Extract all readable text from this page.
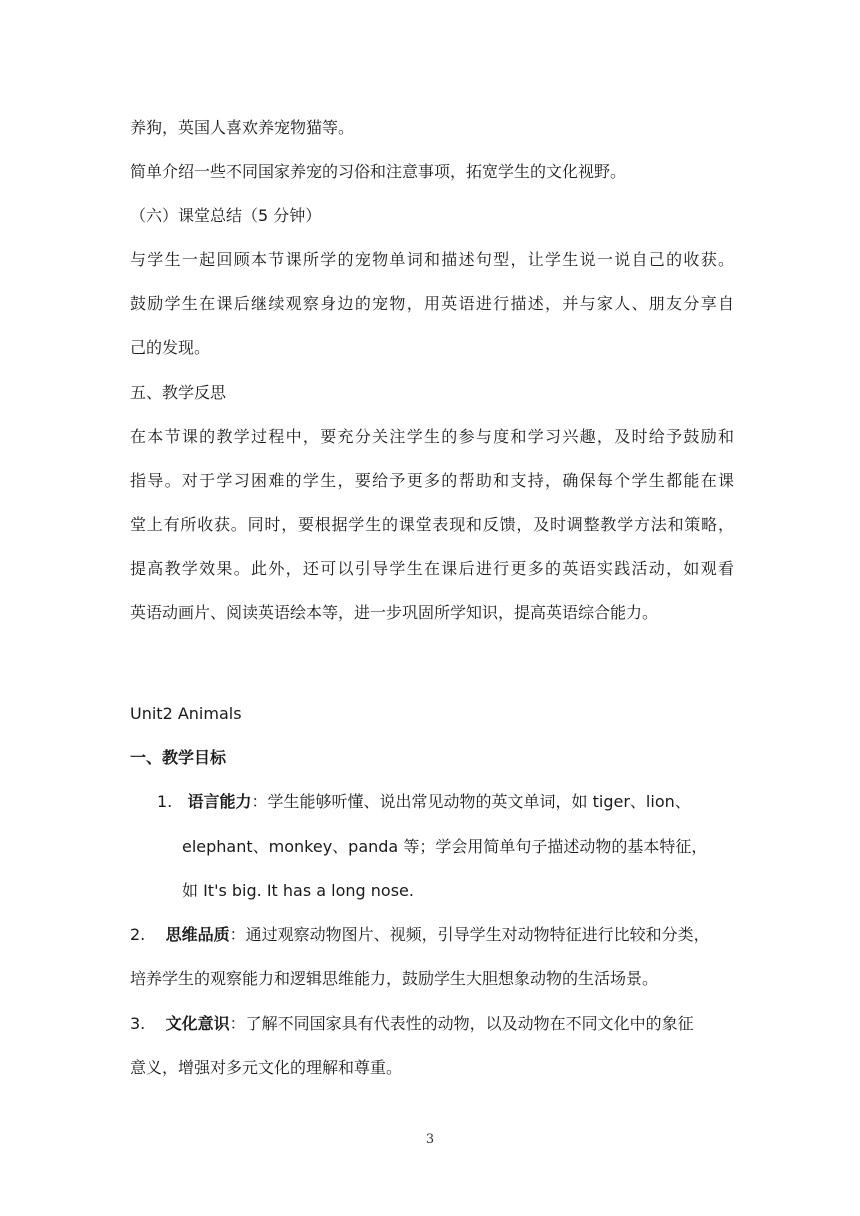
养狗，英国人喜欢养宠物猫等。
简单介绍一些不同国家养宠的习俗和注意事项，拓宽学生的文化视野。
（六）课堂总结（5 分钟）
与学生一起回顾本节课所学的宠物单词和描述句型，让学生说一说自己的收获。
鼓励学生在课后继续观察身边的宠物，用英语进行描述，并与家人、朋友分享自
己的发现。
五、教学反思
在本节课的教学过程中，要充分关注学生的参与度和学习兴趣，及时给予鼓励和
指导。对于学习困难的学生，要给予更多的帮助和支持，确保每个学生都能在课
堂上有所收获。同时，要根据学生的课堂表现和反馈，及时调整教学方法和策略，
提高教学效果。此外，还可以引导学生在课后进行更多的英语实践活动，如观看
英语动画片、阅读英语绘本等，进一步巩固所学知识，提高英语综合能力。
Unit2 Animals
一、教学目标
1. 语言能力：学生能够听懂、说出常见动物的英文单词，如 tiger、lion、
elephant、monkey、panda 等；学会用简单句子描述动物的基本特征，
如 It's big. It has a long nose.
2. 思维品质：通过观察动物图片、视频，引导学生对动物特征进行比较和分类，
培养学生的观察能力和逻辑思维能力，鼓励学生大胆想象动物的生活场景。
3. 文化意识：了解不同国家具有代表性的动物，以及动物在不同文化中的象征
意义，增强对多元文化的理解和尊重。
3
